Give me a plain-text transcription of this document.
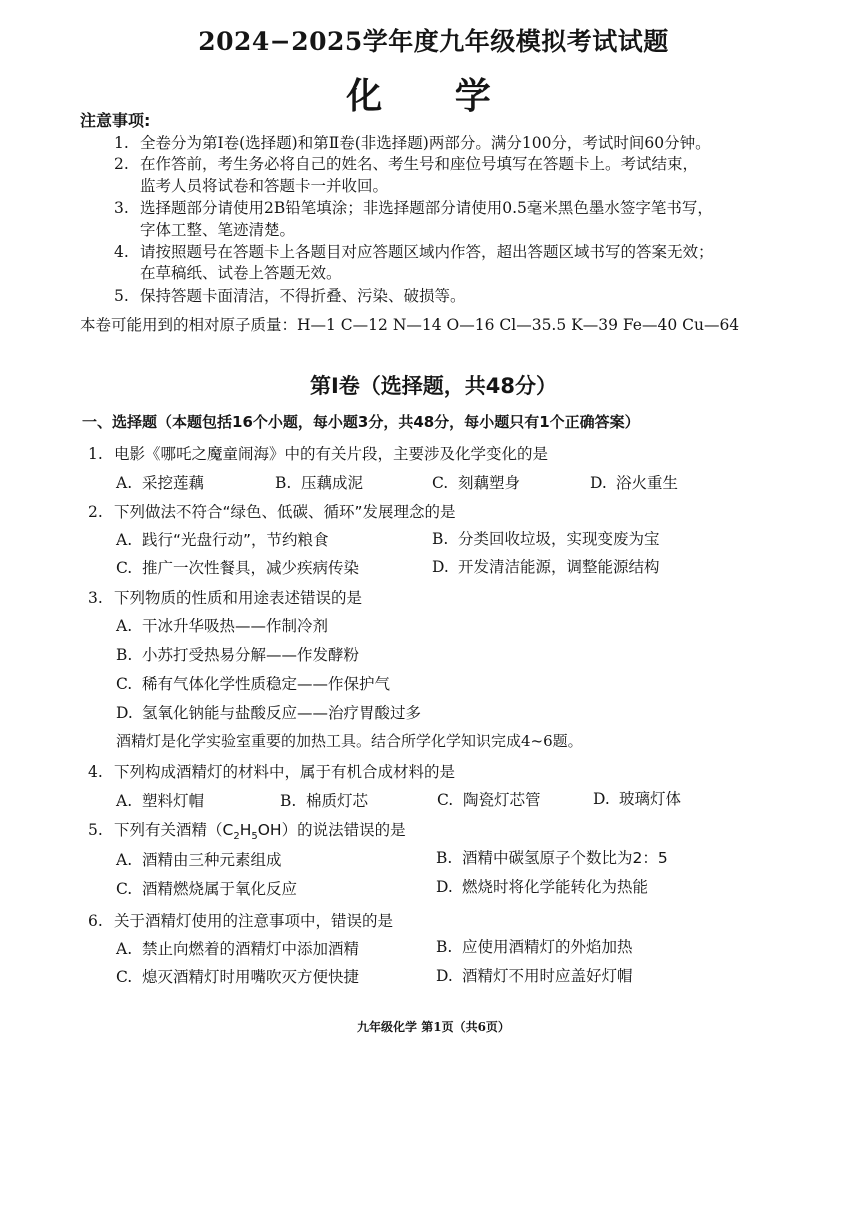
2024−2025学年度九年级模拟考试试题
化 学
注意事项:
1. 全卷分为第Ⅰ卷(选择题)和第Ⅱ卷(非选择题)两部分。满分100分，考试时间60分钟。
2. 在作答前，考生务必将自己的姓名、考生号和座位号填写在答题卡上。考试结束，
监考人员将试卷和答题卡一并收回。
3. 选择题部分请使用2B铅笔填涂；非选择题部分请使用0.5毫米黑色墨水签字笔书写，
字体工整、笔迹清楚。
4. 请按照题号在答题卡上各题目对应答题区域内作答，超出答题区域书写的答案无效；
在草稿纸、试卷上答题无效。
5. 保持答题卡面清洁，不得折叠、污染、破损等。
本卷可能用到的相对原子质量：H—1 C—12 N—14 O—16 Cl—35.5 K—39 Fe—40 Cu—64
第Ⅰ卷（选择题，共48分）
一、选择题（本题包括16个小题，每小题3分，共48分，每小题只有1个正确答案）
1. 电影《哪吒之魔童闹海》中的有关片段，主要涉及化学变化的是
A. 采挖莲藕	B. 压藕成泥	C. 刻藕塑身	D. 浴火重生
2. 下列做法不符合“绿色、低碳、循环”发展理念的是
A. 践行“光盘行动”，节约粮食	B. 分类回收垃圾，实现变废为宝
C. 推广一次性餐具，减少疾病传染	D. 开发清洁能源，调整能源结构
3. 下列物质的性质和用途表述错误的是
A. 干冰升华吸热——作制冷剂
B. 小苏打受热易分解——作发酵粉
C. 稀有气体化学性质稳定——作保护气
D. 氢氧化钠能与盐酸反应——治疗胃酸过多
酒精灯是化学实验室重要的加热工具。结合所学化学知识完成4~6题。
4. 下列构成酒精灯的材料中，属于有机合成材料的是
A. 塑料灯帽	B. 棉质灯芯	C. 陶瓷灯芯管	D. 玻璃灯体
5. 下列有关酒精$(C_2H_5OH)$的说法错误的是
A. 酒精由三种元素组成	B. 酒精中碳氢原子个数比为2：5
C. 酒精燃烧属于氧化反应	D. 燃烧时将化学能转化为热能
6. 关于酒精灯使用的注意事项中，错误的是
A. 禁止向燃着的酒精灯中添加酒精	B. 应使用酒精灯的外焰加热
C. 熄灭酒精灯时用嘴吹灭方便快捷	D. 酒精灯不用时应盖好灯帽
九年级化学 第1页（共6页）
